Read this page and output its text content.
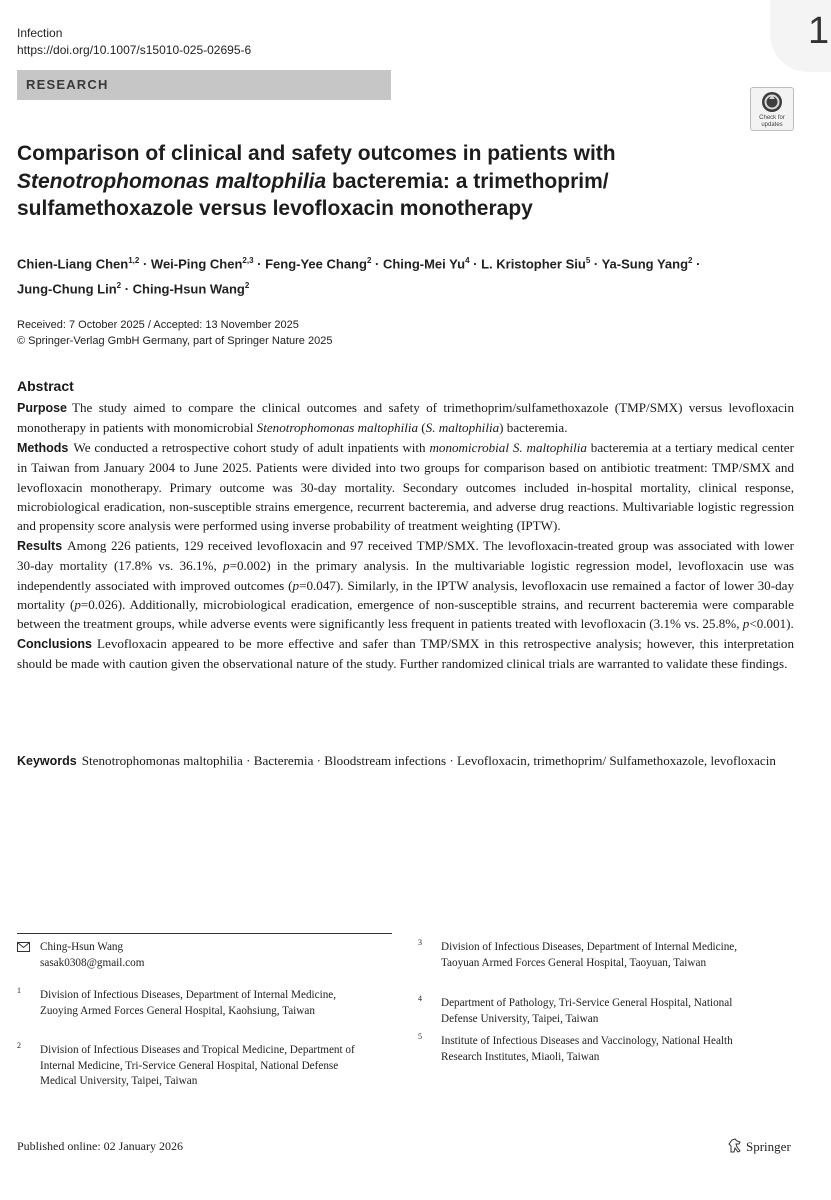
Infection
https://doi.org/10.1007/s15010-025-02695-6	1
RESEARCH
Check for updates
Comparison of clinical and safety outcomes in patients with
Stenotrophomonas maltophilia bacteremia: a trimethoprim/
sulfamethoxazole versus levofloxacin monotherapy
Chien-Liang Chen$^{1,2}$ · Wei-Ping Chen$^{2,3}$ · Feng-Yee Chang$^2$ · Ching-Mei $Yu^4 \cdot L$. Kristopher Siu$^5$ · Ya-Sung Yang$^2$ ·
Jung-Chung Lin$^2$ · Ching-Hsun Wang$^2$
Received: 7 October 2025 / Accepted: 13 November 2025
© Springer-Verlag GmbH Germany, part of Springer Nature 2025
Abstract

Purpose The study aimed to compare the clinical outcomes and safety of trimethoprim/sulfamethoxazole (TMP/SMX) versus levofloxacin monotherapy in patients with monomicrobial Stenotrophomonas maltophilia (S. maltophilia) bacteremia.

Methods We conducted a retrospective cohort study of adult inpatients with monomicrobial S. maltophilia bacteremia at a tertiary medical center in Taiwan from January 2004 to June 2025. Patients were divided into two groups for comparison based on antibiotic treatment: TMP/SMX and levofloxacin monotherapy. Primary outcome was 30-day mortality. Secondary outcomes included in-hospital mortality, clinical response, microbiological eradication, non-susceptible strains emergence, recurrent bacteremia, and adverse drug reactions. Multivariable logistic regression and propensity score analysis were performed using inverse probability of treatment weighting (IPTW).

Results Among 226 patients, 129 received levofloxacin and 97 received TMP/SMX. The levofloxacin-treated group was associated with lower 30-day mortality (17.8% vs. 36.1%, p=0.002) in the primary analysis. In the multivariable logistic regression model, levofloxacin use was independently associated with improved outcomes (p=0.047). Similarly, in the IPTW analysis, levofloxacin use remained a factor of lower 30-day mortality (p=0.026). Additionally, microbiological eradication, emergence of non-susceptible strains, and recurrent bacteremia were comparable between the treatment groups, while adverse events were significantly less frequent in patients treated with levofloxacin (3.1% vs. 25.8%, p<0.001).

Conclusions Levofloxacin appeared to be more effective and safer than TMP/SMX in this retrospective analysis; however, this interpretation should be made with caution given the observational nature of the study. Further randomized clinical trials are warranted to validate these findings.

Keywords Stenotrophomonas maltophilia · Bacteremia · Bloodstream infections · Levofloxacin, trimethoprim/ Sulfamethoxazole, levofloxacin
Ching-Hsun Wang
sasak0308@gmail.com
1 Division of Infectious Diseases, Department of Internal Medicine, Zuoying Armed Forces General Hospital, Kaohsiung, Taiwan
2 Division of Infectious Diseases and Tropical Medicine, Department of Internal Medicine, Tri-Service General Hospital, National Defense Medical University, Taipei, Taiwan
3 Division of Infectious Diseases, Department of Internal Medicine, Taoyuan Armed Forces General Hospital, Taoyuan, Taiwan
4 Department of Pathology, Tri-Service General Hospital, National Defense University, Taipei, Taiwan
5 Institute of Infectious Diseases and Vaccinology, National Health Research Institutes, Miaoli, Taiwan
Published online: 02 January 2026	Springer
